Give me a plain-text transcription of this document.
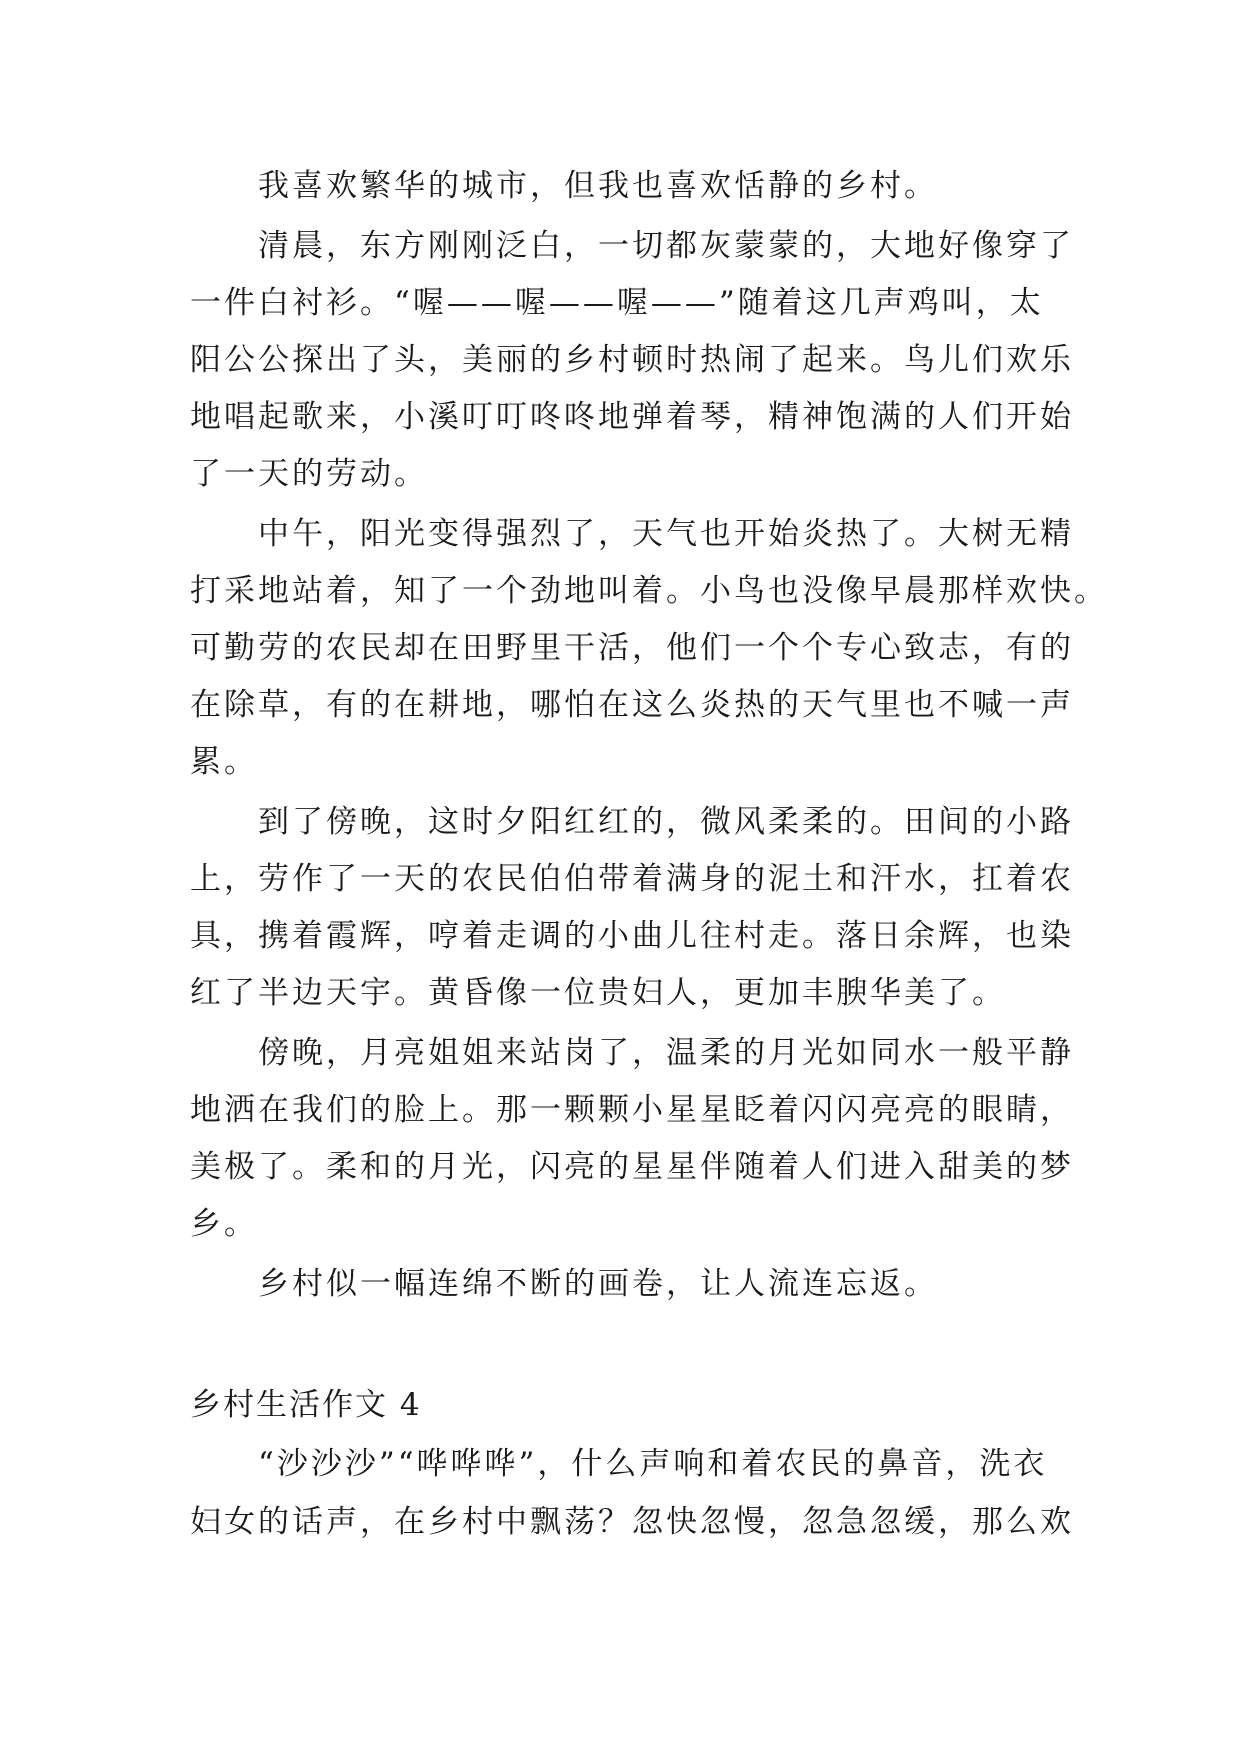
我喜欢繁华的城市，但我也喜欢恬静的乡村。
清晨，东方刚刚泛白，一切都灰蒙蒙的，大地好像穿了
一件白衬衫。“喔——喔——喔——”随着这几声鸡叫，太
阳公公探出了头，美丽的乡村顿时热闹了起来。鸟儿们欢乐
地唱起歌来，小溪叮叮咚咚地弹着琴，精神饱满的人们开始
了一天的劳动。
中午，阳光变得强烈了，天气也开始炎热了。大树无精
打采地站着，知了一个劲地叫着。小鸟也没像早晨那样欢快。
可勤劳的农民却在田野里干活，他们一个个专心致志，有的
在除草，有的在耕地，哪怕在这么炎热的天气里也不喊一声
累。
到了傍晚，这时夕阳红红的，微风柔柔的。田间的小路
上，劳作了一天的农民伯伯带着满身的泥土和汗水，扛着农
具，携着霞辉，哼着走调的小曲儿往村走。落日余辉，也染
红了半边天宇。黄昏像一位贵妇人，更加丰腴华美了。
傍晚，月亮姐姐来站岗了，温柔的月光如同水一般平静
地洒在我们的脸上。那一颗颗小星星眨着闪闪亮亮的眼睛，
美极了。柔和的月光，闪亮的星星伴随着人们进入甜美的梦
乡。
乡村似一幅连绵不断的画卷，让人流连忘返。
乡村生活作文 4
“沙沙沙”“哗哗哗”，什么声响和着农民的鼻音，洗衣
妇女的话声，在乡村中飘荡？忽快忽慢，忽急忽缓，那么欢
